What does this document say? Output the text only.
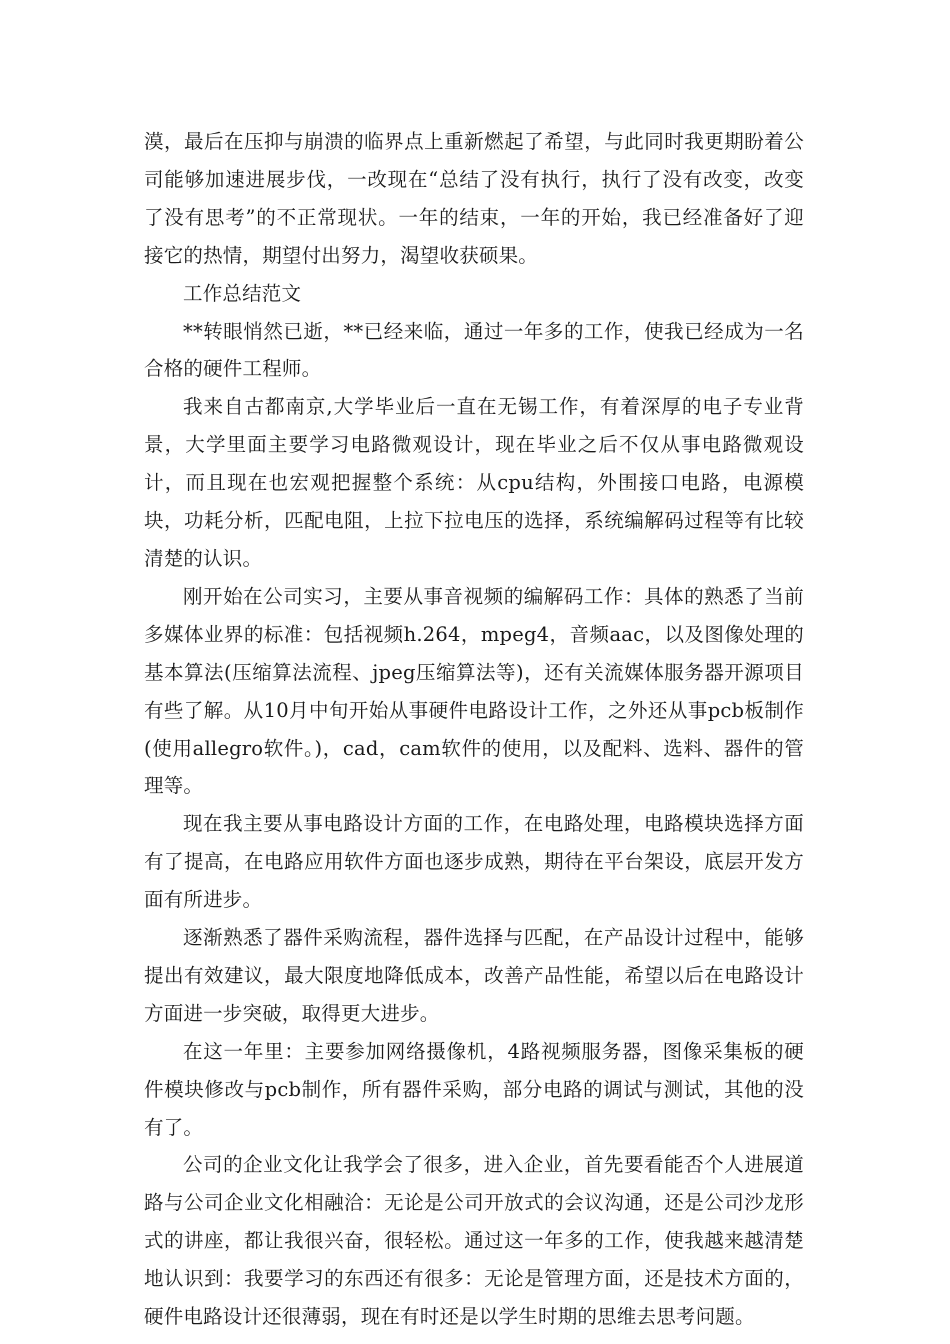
漠，最后在压抑与崩溃的临界点上重新燃起了希望，与此同时我更期盼着公司能够加速进展步伐，一改现在“总结了没有执行，执行了没有改变，改变了没有思考”的不正常现状。一年的结束，一年的开始，我已经准备好了迎接它的热情，期望付出努力，渴望收获硕果。

工作总结范文

**转眼悄然已逝，**已经来临，通过一年多的工作，使我已经成为一名合格的硬件工程师。

我来自古都南京,大学毕业后一直在无锡工作，有着深厚的电子专业背景，大学里面主要学习电路微观设计，现在毕业之后不仅从事电路微观设计，而且现在也宏观把握整个系统：从cpu结构，外围接口电路，电源模块，功耗分析，匹配电阻，上拉下拉电压的选择，系统编解码过程等有比较清楚的认识。

刚开始在公司实习，主要从事音视频的编解码工作：具体的熟悉了当前多媒体业界的标准：包括视频h.264，mpeg4，音频aac，以及图像处理的基本算法(压缩算法流程、jpeg压缩算法等)，还有关流媒体服务器开源项目有些了解。从10月中旬开始从事硬件电路设计工作，之外还从事pcb板制作(使用allegro软件。)，cad，cam软件的使用，以及配料、选料、器件的管理等。

现在我主要从事电路设计方面的工作，在电路处理，电路模块选择方面有了提高，在电路应用软件方面也逐步成熟，期待在平台架设，底层开发方面有所进步。

逐渐熟悉了器件采购流程，器件选择与匹配，在产品设计过程中，能够提出有效建议，最大限度地降低成本，改善产品性能，希望以后在电路设计方面进一步突破，取得更大进步。

在这一年里：主要参加网络摄像机，4路视频服务器，图像采集板的硬件模块修改与pcb制作，所有器件采购，部分电路的调试与测试，其他的没有了。

公司的企业文化让我学会了很多，进入企业，首先要看能否个人进展道路与公司企业文化相融洽：无论是公司开放式的会议沟通，还是公司沙龙形式的讲座，都让我很兴奋，很轻松。通过这一年多的工作，使我越来越清楚地认识到：我要学习的东西还有很多：无论是管理方面，还是技术方面的，硬件电路设计还很薄弱，现在有时还是以学生时期的思维去思考问题。
